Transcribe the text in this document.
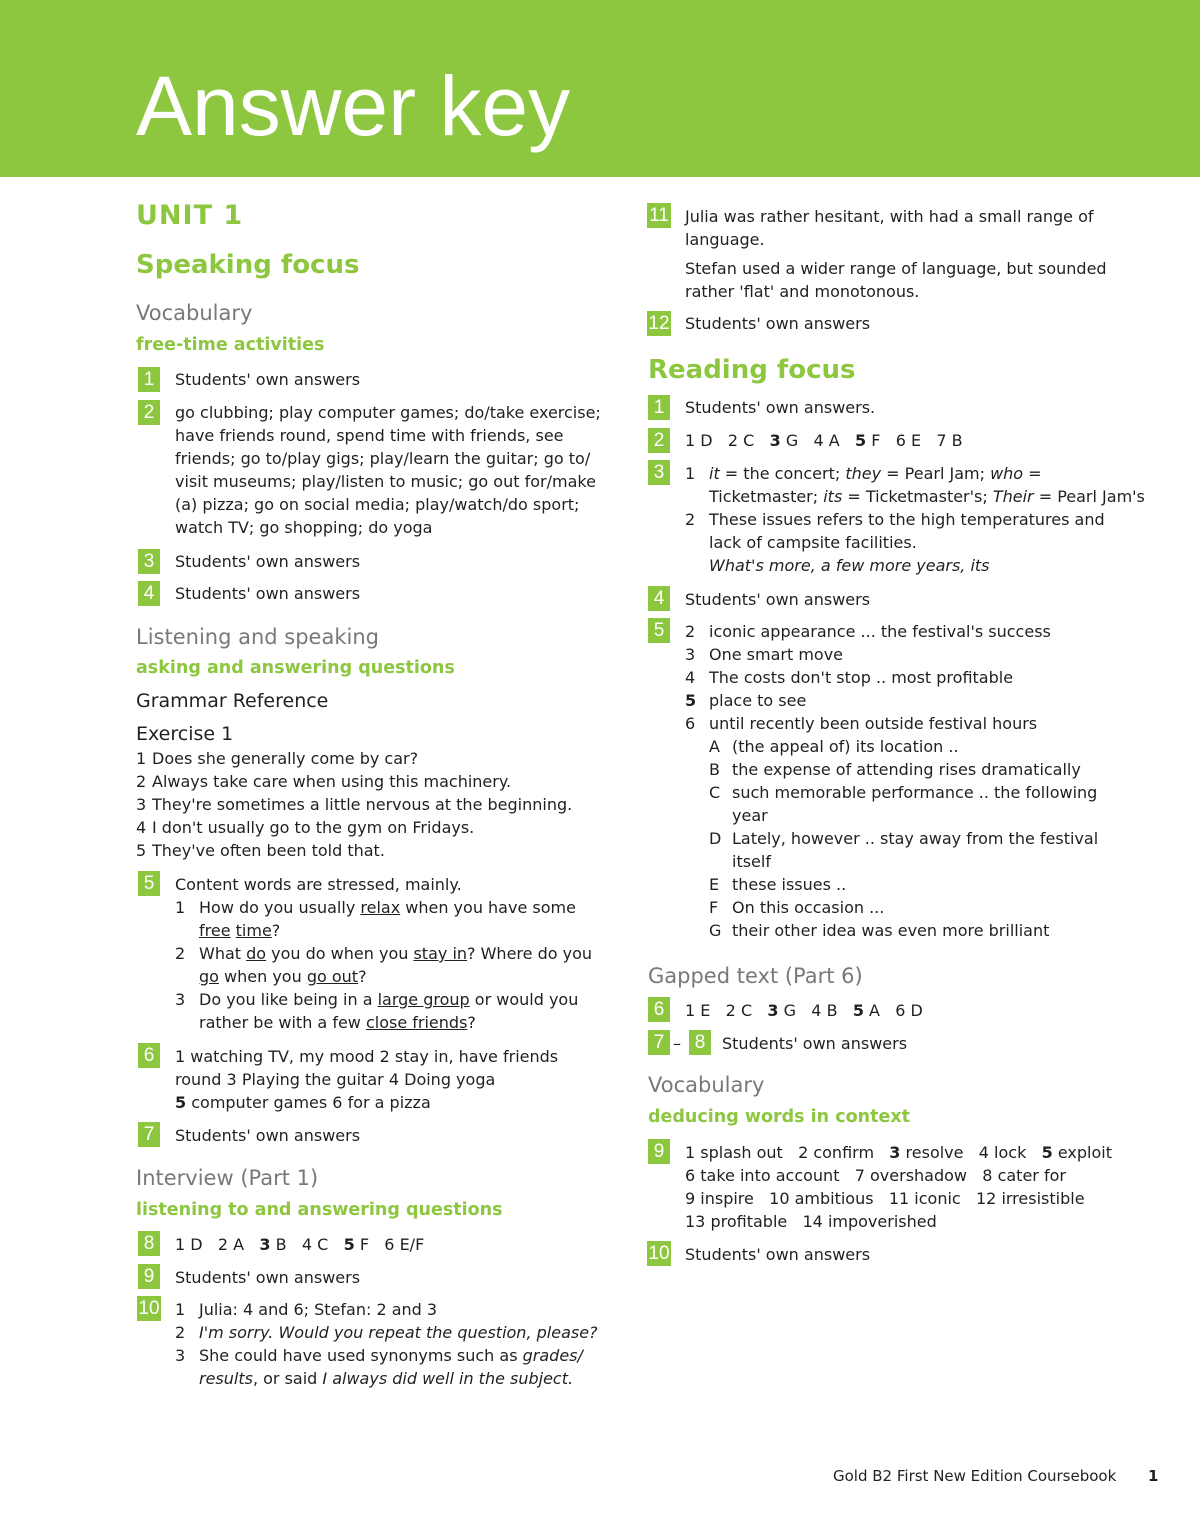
Answer key
UNIT 1
Speaking focus
Vocabulary
free-time activities
1	Students' own answers
2	go clubbing; play computer games; do/take exercise;
have friends round, spend time with friends, see
friends; go to/play gigs; play/learn the guitar; go to/
visit museums; play/listen to music; go out for/make
(a) pizza; go on social media; play/watch/do sport;
watch TV; go shopping; do yoga
3	Students' own answers
4	Students' own answers
Listening and speaking
asking and answering questions
Grammar Reference
Exercise 1
1 Does she generally come by car?
2 Always take care when using this machinery.
3 They're sometimes a little nervous at the beginning.
4 I don't usually go to the gym on Fridays.
5 They've often been told that.
5	Content words are stressed, mainly.
1 How do you usually relax when you have some
free time?
2 What do you do when you stay in? Where do you
go when you go out?
3 Do you like being in a large group or would you
rather be with a few close friends?
6	1 watching TV, my mood 2 stay in, have friends
round 3 Playing the guitar 4 Doing yoga
5 computer games 6 for a pizza
7	Students' own answers
Interview (Part 1)
listening to and answering questions
8	1 D 2 A 3 B 4 C 5 F 6 E/F
9	Students' own answers
10 1 Julia: 4 and 6; Stefan: 2 and 3
2 I'm sorry. Would you repeat the question, please?
3 She could have used synonyms such as grades/
results, or said I always did well in the subject.
11 Julia was rather hesitant, with had a small range of
language.
Stefan used a wider range of language, but sounded
rather 'flat' and monotonous.
12 Students' own answers
Reading focus
1	Students' own answers.
2	1 D 2 C 3 G 4 A 5 F 6 E 7 B
3	1 it = the concert; they = Pearl Jam; who =
Ticketmaster; its = Ticketmaster's; Their = Pearl Jam's
2 These issues refers to the high temperatures and
lack of campsite facilities.
What's more, a few more years, its
4	Students' own answers
5	2 iconic appearance ... the festival's success
3 One smart move
4 The costs don't stop .. most profitable
5 place to see
6 until recently been outside festival hours
A (the appeal of) its location ..
B the expense of attending rises dramatically
C such memorable performance .. the following
year
D Lately, however .. stay away from the festival
itself
E these issues ..
F On this occasion ...
G their other idea was even more brilliant
Gapped text (Part 6)
6	1 E 2 C 3 G 4 B 5 A 6 D
7 – 8	Students' own answers
Vocabulary
deducing words in context
9	1 splash out 2 confirm 3 resolve 4 lock 5 exploit
6 take into account 7 overshadow 8 cater for
9 inspire 10 ambitious 11 iconic 12 irresistible
13 profitable 14 impoverished
10 Students' own answers
Gold B2 First New Edition Coursebook 1
